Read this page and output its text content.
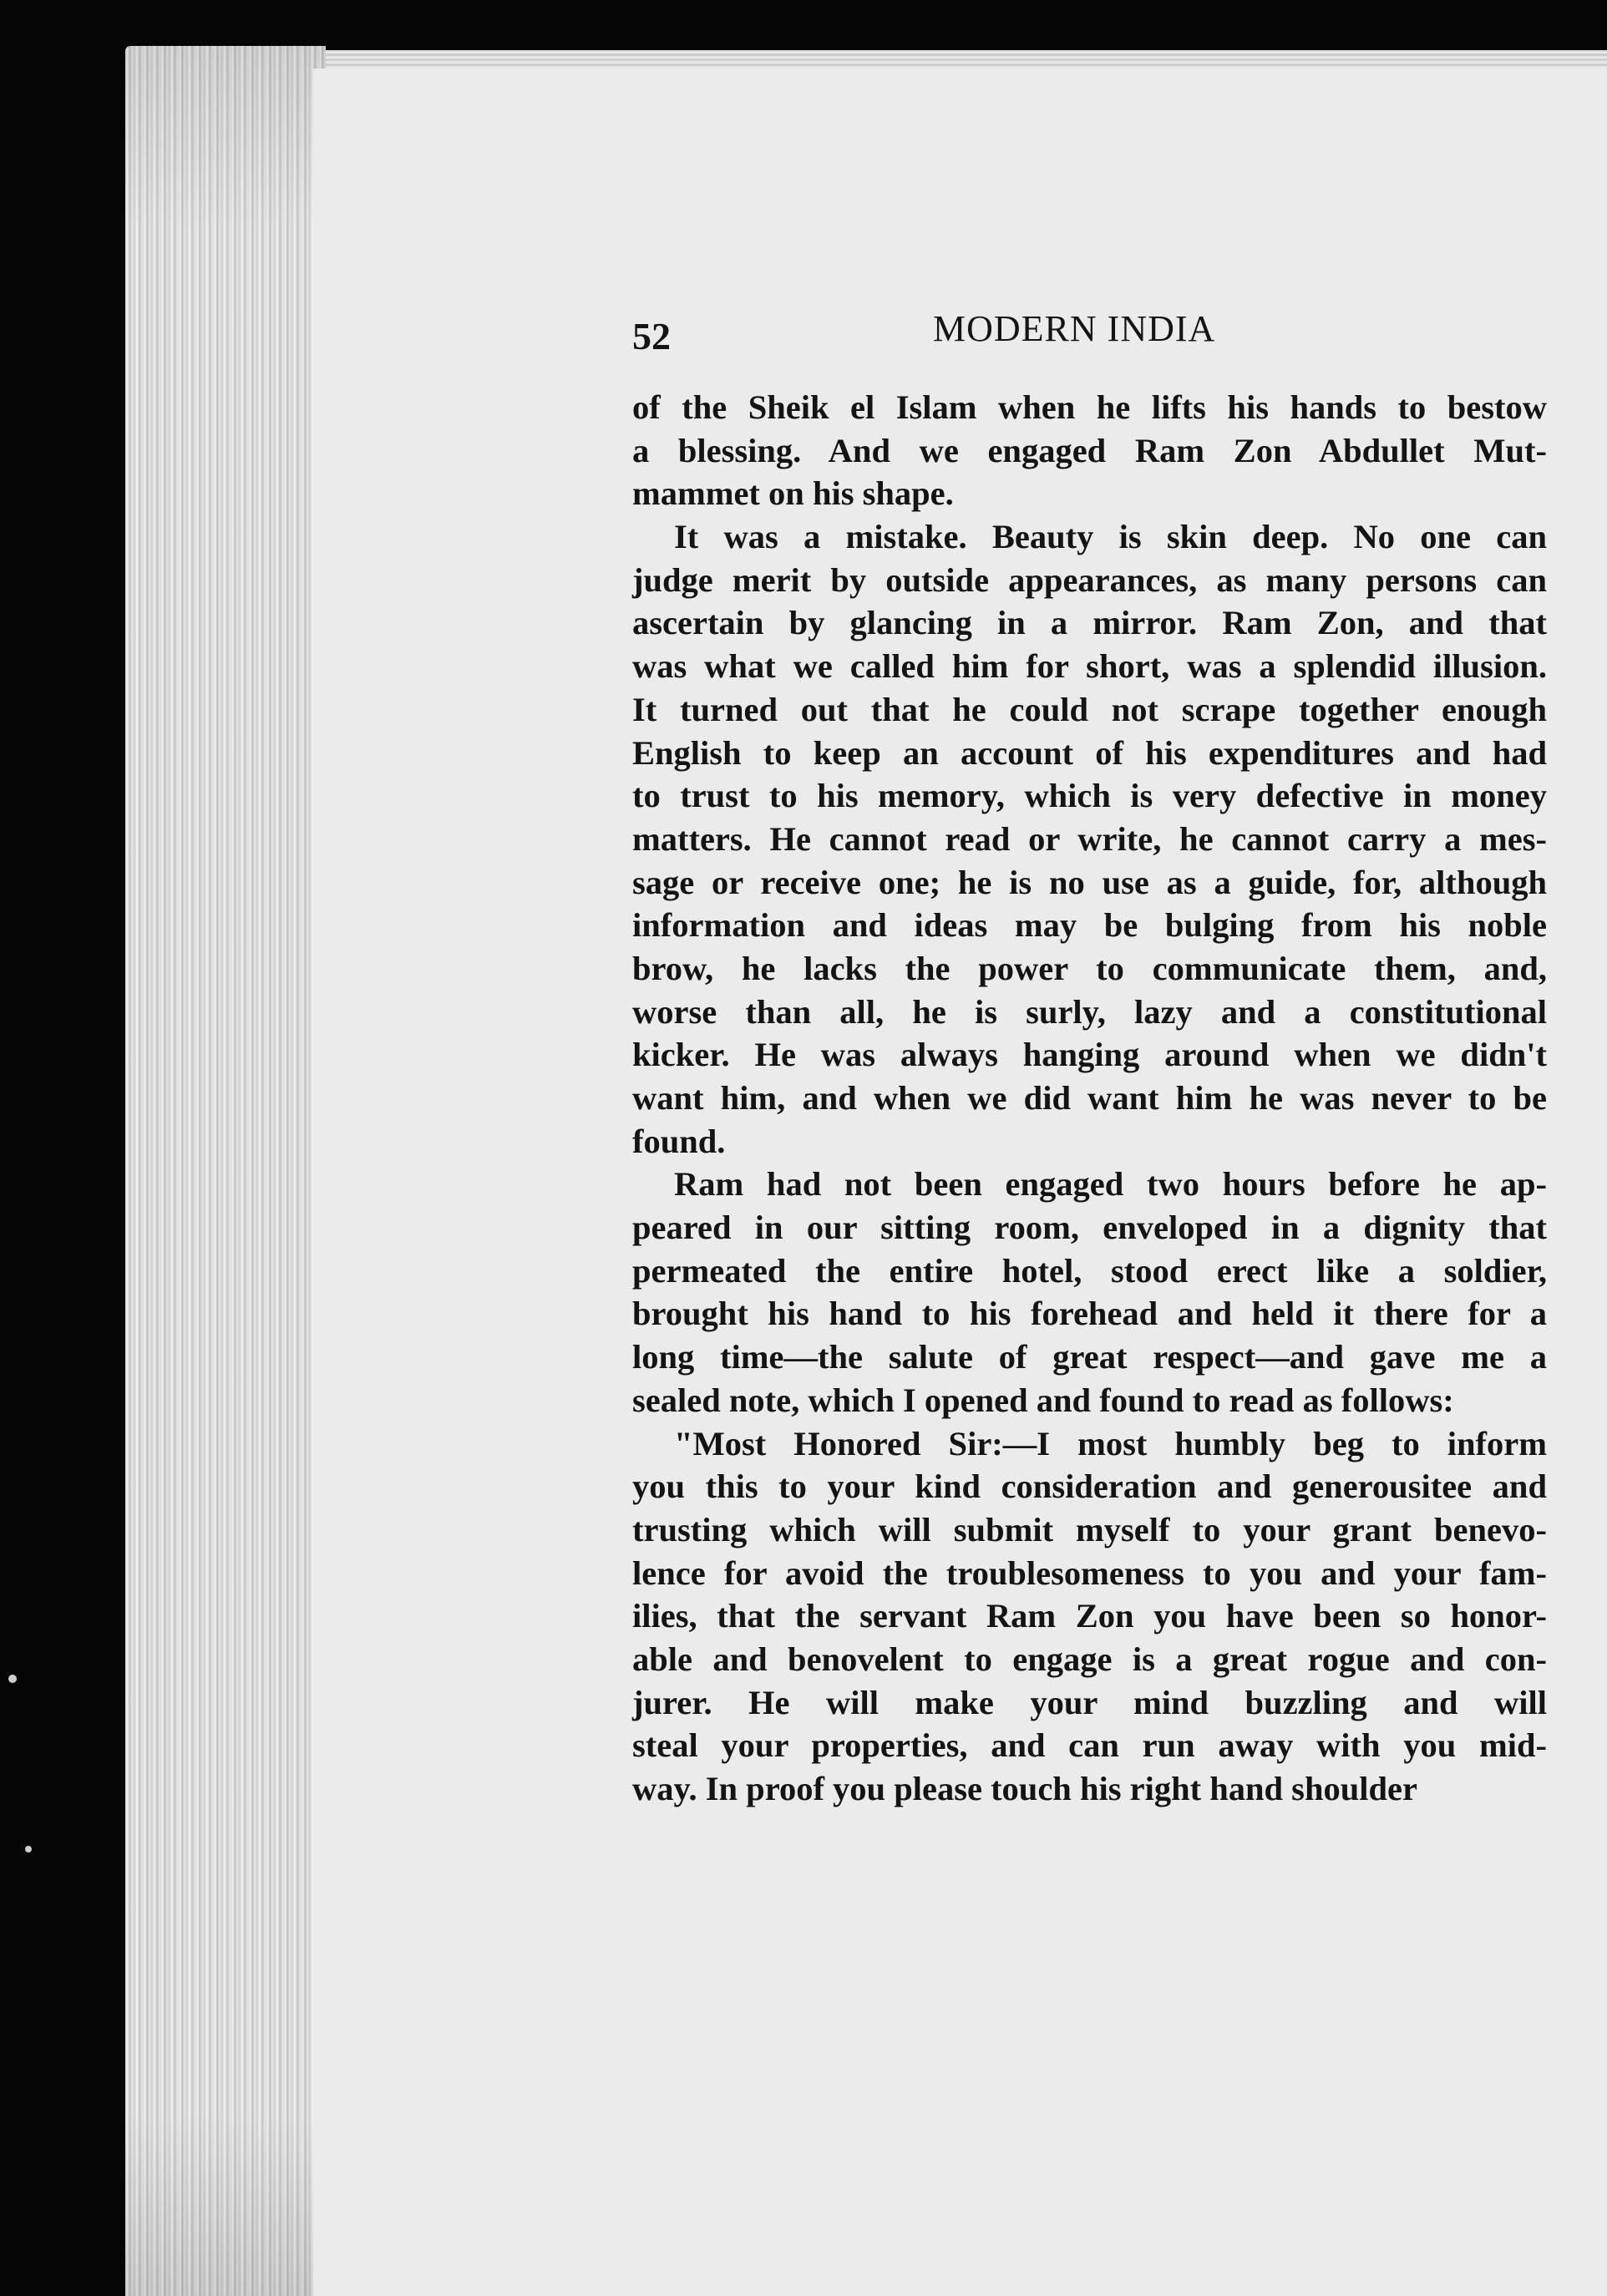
52	MODERN INDIA
of the Sheik el Islam when he lifts his hands to bestow
a blessing. And we engaged Ram Zon Abdullet Mut-
mammet on his shape.
It was a mistake. Beauty is skin deep. No one can
judge merit by outside appearances, as many persons can
ascertain by glancing in a mirror. Ram Zon, and that
was what we called him for short, was a splendid illusion.
It turned out that he could not scrape together enough
English to keep an account of his expenditures and had
to trust to his memory, which is very defective in money
matters. He cannot read or write, he cannot carry a mes-
sage or receive one; he is no use as a guide, for, although
information and ideas may be bulging from his noble
brow, he lacks the power to communicate them, and,
worse than all, he is surly, lazy and a constitutional
kicker. He was always hanging around when we didn't
want him, and when we did want him he was never to be
found.
Ram had not been engaged two hours before he ap-
peared in our sitting room, enveloped in a dignity that
permeated the entire hotel, stood erect like a soldier,
brought his hand to his forehead and held it there for a
long time—the salute of great respect—and gave me a
sealed note, which I opened and found to read as follows:
"Most Honored Sir:—I most humbly beg to inform
you this to your kind consideration and generousitee and
trusting which will submit myself to your grant benevo-
lence for avoid the troublesomeness to you and your fam-
ilies, that the servant Ram Zon you have been so honor-
able and benovelent to engage is a great rogue and con-
jurer. He will make your mind buzzling and will
steal your properties, and can run away with you mid-
way. In proof you please touch his right hand shoulder
